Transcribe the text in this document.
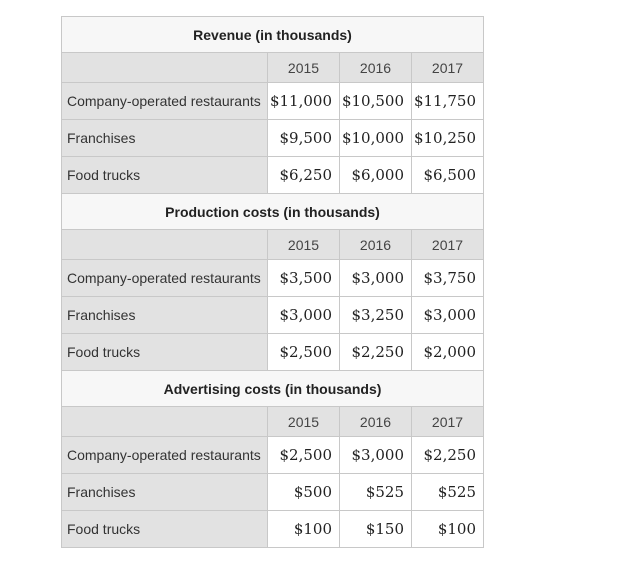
Revenue (in thousands)			
	2015	2016	2017
Company-operated restaurants	$11,000	$10,500	$11,750
Franchises	$9,500	$10,000	$10,250
Food trucks	$6,250	$6,000	$6,500
Production costs (in thousands)			
	2015	2016	2017
Company-operated restaurants	$3,500	$3,000	$3,750
Franchises	$3,000	$3,250	$3,000
Food trucks	$2,500	$2,250	$2,000
Advertising costs (in thousands)			
	2015	2016	2017
Company-operated restaurants	$2,500	$3,000	$2,250
Franchises	$500	$525	$525
Food trucks	$100	$150	$100
